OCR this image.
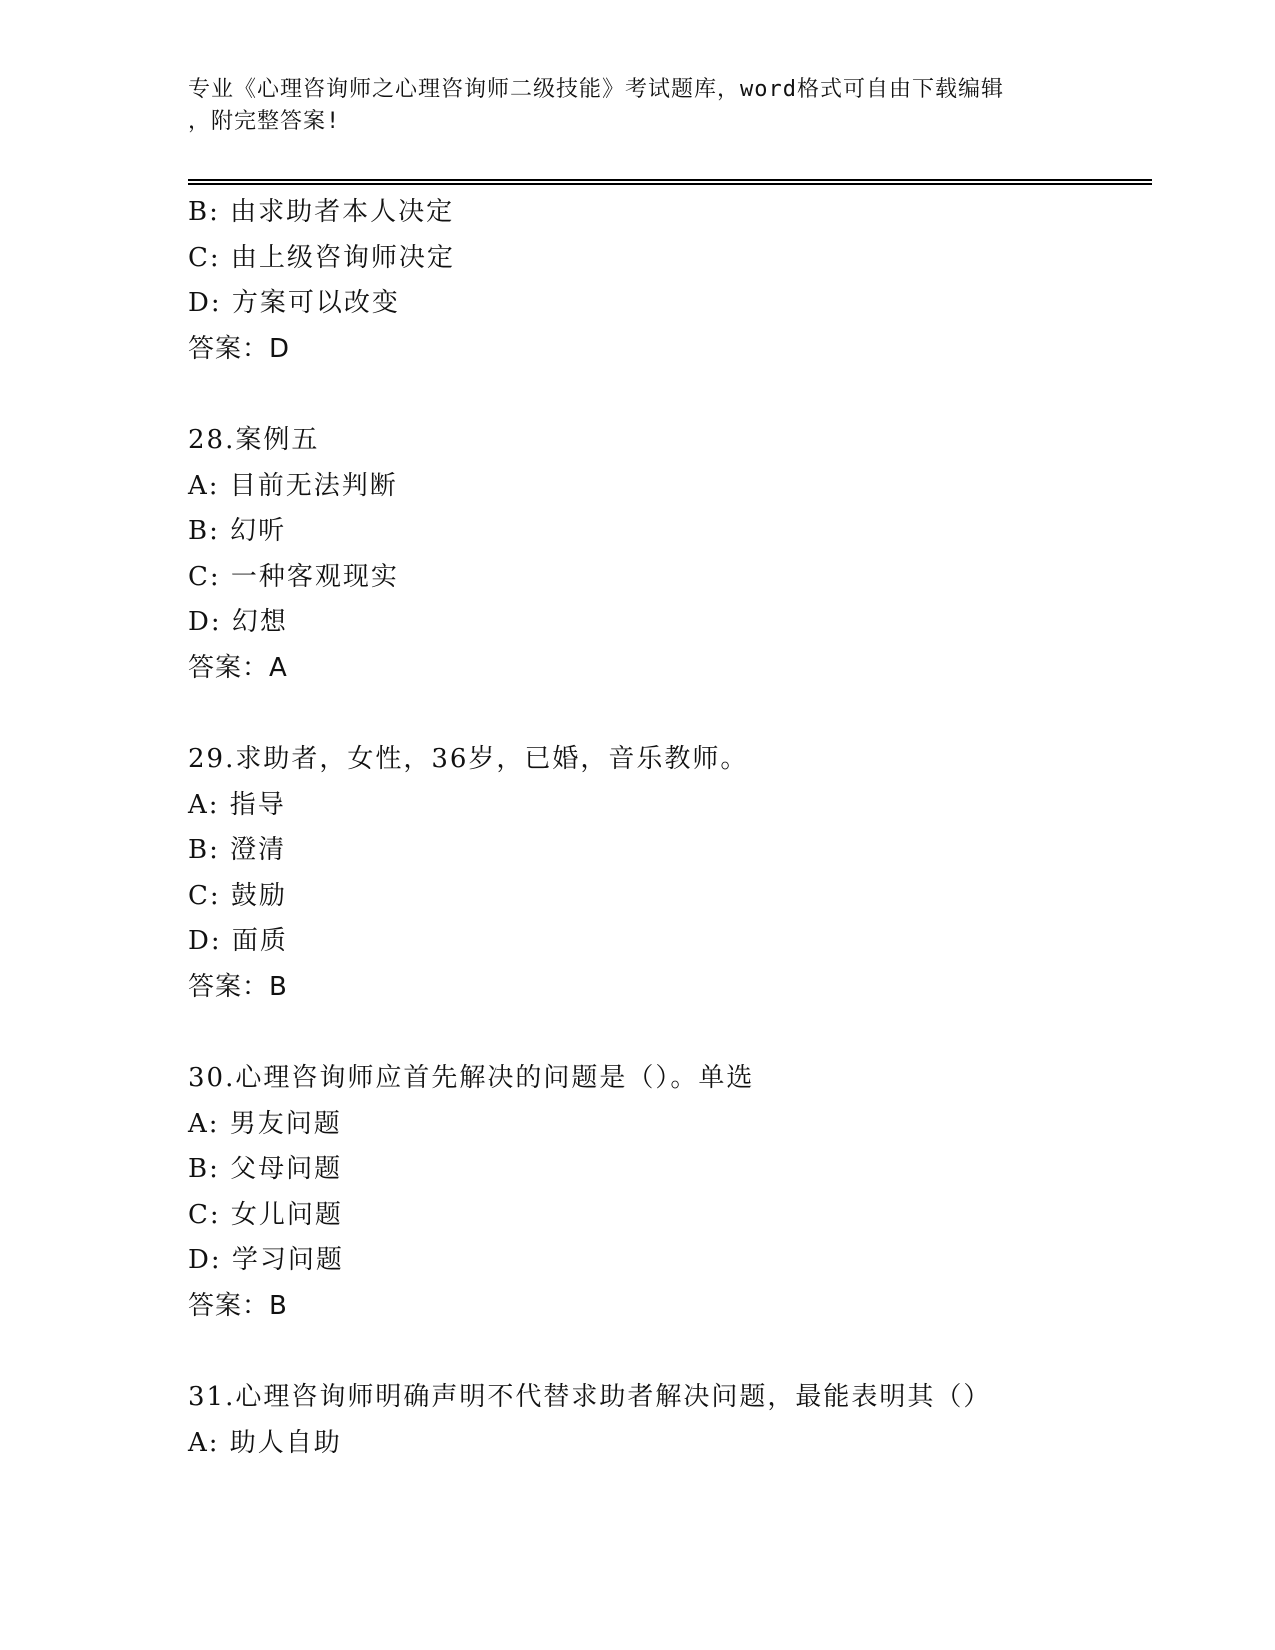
专业《心理咨询师之心理咨询师二级技能》考试题库，word格式可自由下载编辑
，附完整答案!
B: 由求助者本人决定
C: 由上级咨询师决定
D: 方案可以改变
答案：D
28.案例五
A: 目前无法判断
B: 幻听
C: 一种客观现实
D: 幻想
答案：A
29.求助者，女性，36岁，已婚，音乐教师。
A: 指导
B: 澄清
C: 鼓励
D: 面质
答案：B
30.心理咨询师应首先解决的问题是（）。单选
A: 男友问题
B: 父母问题
C: 女儿问题
D: 学习问题
答案：B
31.心理咨询师明确声明不代替求助者解决问题，最能表明其（）
A: 助人自助
